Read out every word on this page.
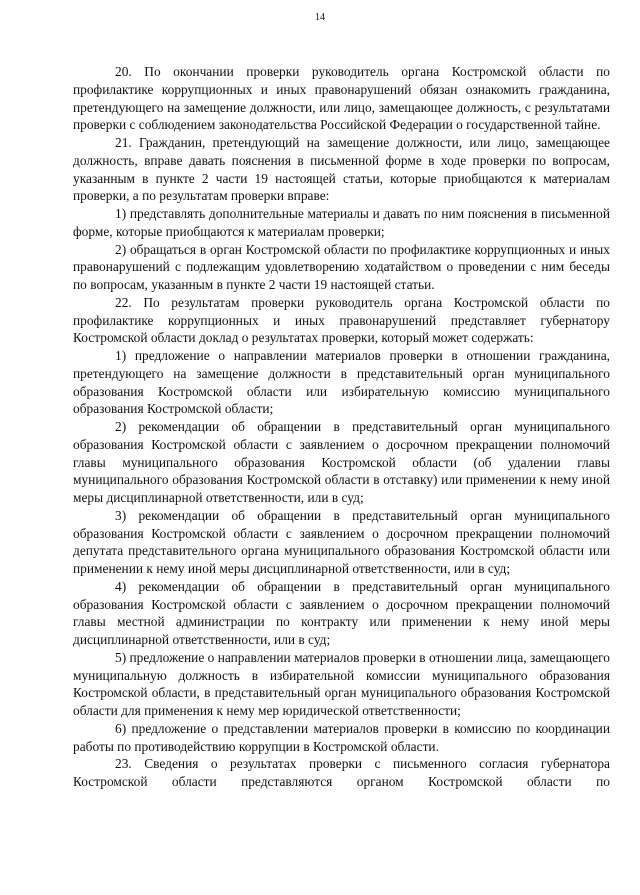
14

20. По окончании проверки руководитель органа Костромской области по профилактике коррупционных и иных правонарушений обязан ознакомить гражданина, претендующего на замещение должности, или лицо, замещающее должность, с результатами проверки с соблюдением законодательства Российской Федерации о государственной тайне.

21. Гражданин, претендующий на замещение должности, или лицо, замещающее должность, вправе давать пояснения в письменной форме в ходе проверки по вопросам, указанным в пункте 2 части 19 настоящей статьи, которые приобщаются к материалам проверки, а по результатам проверки вправе:

1) представлять дополнительные материалы и давать по ним пояснения в письменной форме, которые приобщаются к материалам проверки;

2) обращаться в орган Костромской области по профилактике коррупционных и иных правонарушений с подлежащим удовлетворению ходатайством о проведении с ним беседы по вопросам, указанным в пункте 2 части 19 настоящей статьи.

22. По результатам проверки руководитель органа Костромской области по профилактике коррупционных и иных правонарушений представляет губернатору Костромской области доклад о результатах проверки, который может содержать:

1) предложение о направлении материалов проверки в отношении гражданина, претендующего на замещение должности в представительный орган муниципального образования Костромской области или избирательную комиссию муниципального образования Костромской области;

2) рекомендации об обращении в представительный орган муниципального образования Костромской области с заявлением о досрочном прекращении полномочий главы муниципального образования Костромской области (об удалении главы муниципального образования Костромской области в отставку) или применении к нему иной меры дисциплинарной ответственности, или в суд;

3) рекомендации об обращении в представительный орган муниципального образования Костромской области с заявлением о досрочном прекращении полномочий депутата представительного органа муниципального образования Костромской области или применении к нему иной меры дисциплинарной ответственности, или в суд;

4) рекомендации об обращении в представительный орган муниципального образования Костромской области с заявлением о досрочном прекращении полномочий главы местной администрации по контракту или применении к нему иной меры дисциплинарной ответственности, или в суд;

5) предложение о направлении материалов проверки в отношении лица, замещающего муниципальную должность в избирательной комиссии муниципального образования Костромской области, в представительный орган муниципального образования Костромской области для применения к нему мер юридической ответственности;

6) предложение о представлении материалов проверки в комиссию по координации работы по противодействию коррупции в Костромской области.

23. Сведения о результатах проверки с письменного согласия губернатора Костромской области представляются органом Костромской области по
